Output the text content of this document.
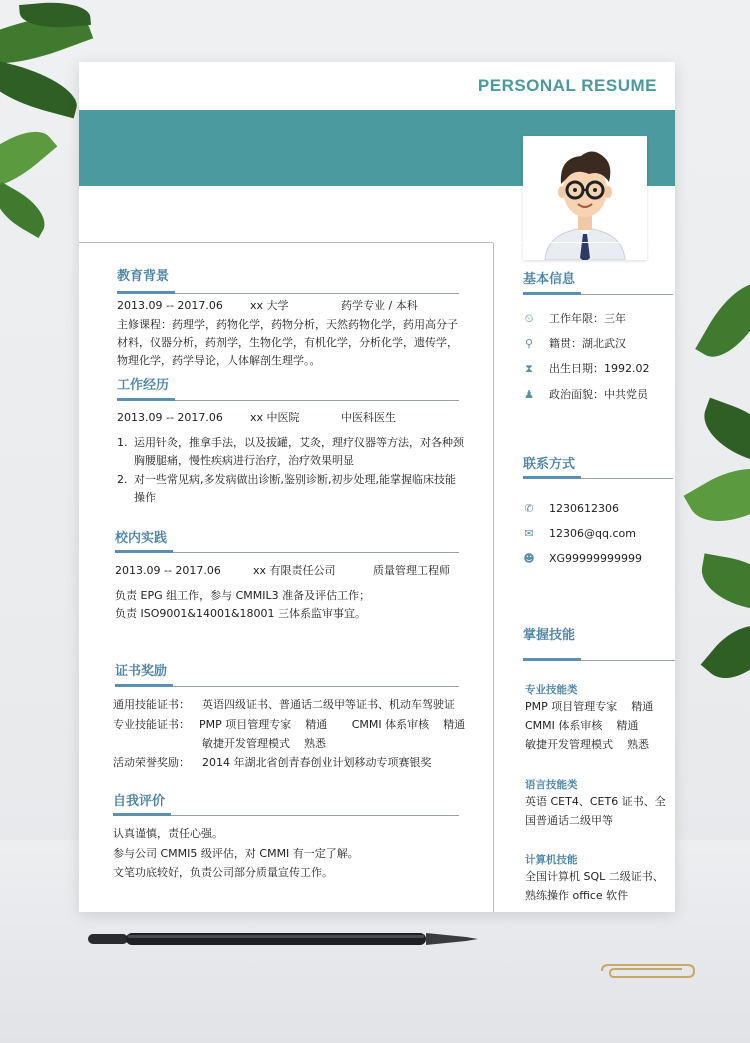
PERSONAL RESUME
教育背景
2013.09 -- 2017.06 xx 大学	药学专业 / 本科
主修课程：药理学，药物化学，药物分析，天然药物化学，药用高分子
材料，仪器分析，药剂学，生物化学，有机化学，分析化学，遗传学，
物理化学，药学导论，人体解剖生理学。。
工作经历
2013.09 -- 2017.06 xx 中医院	中医科医生
1. 运用针灸，推拿手法，以及拔罐，艾灸，理疗仪器等方法，对各种颈
胸腰腿痛，慢性疾病进行治疗，治疗效果明显
2. 对一些常见病,多发病做出诊断,鉴别诊断,初步处理,能掌握临床技能
操作
校内实践
2013.09 -- 2017.06	xx 有限责任公司	质量管理工程师
负责 EPG 组工作，参与 CMMIL3 准备及评估工作；
负责 ISO9001&14001&18001 三体系监审事宜。
证书奖励
通用技能证书： 英语四级证书、普通话二级甲等证书、机动车驾驶证
专业技能证书： PMP 项目管理专家    精通       CMMI 体系审核    精通
敏捷开发管理模式    熟悉
活动荣誉奖励： 2014 年湖北省创青春创业计划移动专项赛银奖
自我评价
认真谨慎，责任心强。
参与公司 CMMI5 级评估，对 CMMI 有一定了解。
文笔功底较好，负责公司部分质量宣传工作。
基本信息
⏲ 工作年限：三年
⚲ 籍贯：湖北武汉
⧗ 出生日期：1992.02
♟ 政治面貌：中共党员
联系方式
✆ 1230612306
✉ 12306@qq.com
☻ XG99999999999
掌握技能
专业技能类
PMP 项目管理专家    精通
CMMI 体系审核    精通
敏捷开发管理模式    熟悉
语言技能类
英语 CET4、CET6 证书、全
国普通话二级甲等
计算机技能
全国计算机 SQL 二级证书、
熟练操作 office 软件
